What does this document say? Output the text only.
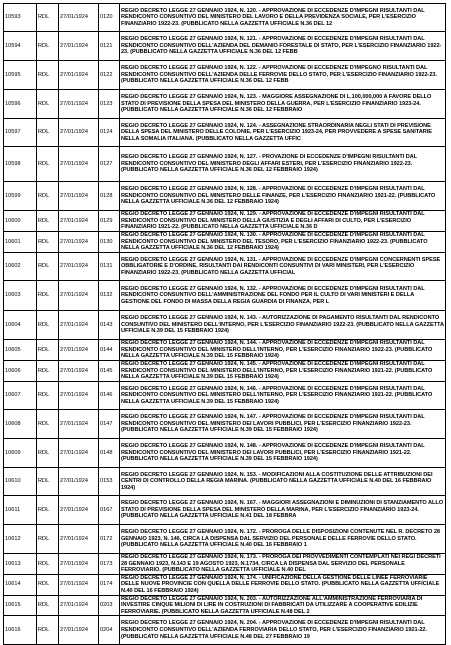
10593	RDL	27/01/1924	0120	REGIO DECRETO LEGGE 27 GENNAIO 1924, N. 120. - APPROVAZIONE DI ECCEDENZE D'IMPEGNI RISULTANTI DAL RENDICONTO CONSUNTIVO DEL MINISTERO DEL LAVORO E DELLA PREVIDENZA SOCIALE, PER L'ESERCIZIO FINANZIARIO 1922-23. (PUBBLICATO NELLA GAZZETTA UFFICIALE N.36 DEL 12
10594	RDL	27/01/1924	0121	REGIO DECRETO LEGGE 27 GENNAIO 1924, N. 121. - APPROVAZIONE DI ECCEDENZE D'IMPEGNI RISULTANTI DAL RENDICONTO CONSUNTIVO DELL'AZIENDA DEL DEMANIO FORESTALE DI STATO, PER L'ESERCIZIO FINANZIARIO 1922-23. (PUBBLICATO NELLA GAZZETTA UFFICIALE N.36 DEL 12 FEBB
10595	RDL	27/01/1924	0122	REGIO DECRETO LEGGE 27 GENNAIO 1924, N. 122. - APPROVAZIONE DI ECCEDENZE D'IMPEGNO RISULTANTI DAL RENDICONTO CONSUNTIVO DELL'AZIENDA DELLE FERROVIE DELLO STATO, PER L'ESERCIZIO FINANZIARIO 1922-23. (PUBBLICATO NELLA GAZZETTA UFFICIALE N.36 DEL 12 FEBB
10596	RDL	27/01/1924	0123	REGIO DECRETO LEGGE 27 GENNAIO 1924, N. 123. - MAGGIORE ASSEGNAZIONE DI L.100,000,000 A FAVORE DELLO STATO DI PREVISIONE DELLA SPESA DEL MINISTERO DELLA GUERRA, PER L'ESERCIZIO FINANZIARIO 1923-24. (PUBBLICATO NELLA GAZZETTA UFFICIALE N.36 DEL 12 FEBBRAIO
10597	RDL	27/01/1924	0124	REGIO DECRETO LEGGE 27 GENNAIO 1924, N. 124. - ASSEGNAZIONE STRAORDINARIA NEGLI STATI DI PREVISIONE DELLA SPESA DEL MINISTERO DELLE COLONIE, PER L'ESERCIZIO 1923-24, PER PROVVEDERE A SPESE SANITARIE NELLA SOMALIA ITALIANA. (PUBBLICATO NELLA GAZZETTA UFFIC
10598	RDL	27/01/1924	0127	REGIO DECRETO LEGGE 27 GENNAIO 1924, N. 127. - PROVAZIONE DI ECCEDENZE D'IMPEGNI RISULTANTI DAL RENDICONTO CONSUNTIVO DEL MINISTERO DEGLI AFFARI ESTERI, PER L'ESERCIZIO FINANZIARIO 1922-23. (PUBBLICATO NELLA GAZZETTA UFFICIALE N.36 DEL 12 FEBBRAIO 1924)
10599	RDL	27/01/1924	0128	REGIO DECRETO LEGGE 27 GENNAIO 1924, N. 128. - APPROVAZIONE DI ECCEDENZE D'IMPEGNI RISULTANTI DAL RENDICONTO CONSUNTIVO DEL MINISTERO DELLE FINANZE, PER L'ESERCIZIO FINANZIARIO 1921-22. (PUBBLICATO NELLA GAZZETTA UFFICIALE N.36 DEL 12 FEBBRAIO 1924)
10600	RDL	27/01/1924	0129	REGIO DECRETO LEGGE 27 GENNAIO 1924, N. 129. - APPROVAZIONE DI ECCEDENZE D'IMPEGNI RISULTANTI DAL RENDICONTO CONSUNTIVO DEL MINISTERO DELLA GIUSTIZIA E DEGLI AFFARI DI CULTO, PER L'ESERCIZIO FINANZIARIO 1921-22. (PUBBLICATO NELLA GAZZETTA UFFICIALE N.36 D
10601	RDL	27/01/1924	0130	REGIO DECRETO LEGGE 27 GENNAIO 1924, N. 130. - APPROVAZIONE DI ECCEDENZE D'IMPEGNI RISULTANTI DAL RENDICONTO CONSUNTIVO DEL MINISTERO DEL TESORO, PER L'ESERCIZIO FINANZIARIO 1922-23. (PUBBLICATO NELLA GAZZETTA UFFICIALE N.36 DEL 12 FEBBRAIO 1924)
10602	RDL	27/01/1924	0131	REGIO DECRETO LEGGE 27 GENNAIO 1924, N. 131. - APPROVAZIONE DI ECCEDENZE D'IMPEGNI CONCERNENTI SPESE OBBLIGATORIE E D'ORDINE, RISULTANTI DAI RENDICONTI CONSUNTIVI DI VARI MINISTERI, PER L'ESERCIZIO FINANZIARIO 1922-23. (PUBBLICATO NELLA GAZZETTA UFFICIAL
10603	RDL	27/01/1924	0132	REGIO DECRETO LEGGE 27 GENNAIO 1924, N. 132. - APPROVAZIONE DI ECCEDENZE D'IMPEGNI RISULTANTI DAL RENDICONTO CONSUNTIVO DELL'AMMINISTRAZIONE DEL FONDO PER IL CULTO DI VARI MINISTERI E DELLA GESTIONE DEL FONDO DI MASSA DELLA REGIA GUARDIA DI FINANZA, PER L
10604	RDL	27/01/1924	0143	REGIO DECRETO LEGGE 27 GENNAIO 1924, N. 143. - AUTORIZZAZIONE DI PAGAMENTO RISULTANTI DAL RENDICONTO CONSUNTIVO DEL MINISTERO DELL'INTERNO, PER L'ESERCIZIO FINANZIARIO 1922-23. (PUBBLICATO NELLA GAZZETTA UFFICIALE N.39 DEL 15 FEBBRAIO 1924)
10605	RDL	27/01/1924	0144	REGIO DECRETO LEGGE 27 GENNAIO 1924, N. 144. - APPROVAZIONE DI ECCEDENZE D'IMPEGNI RISULTANTI DAL RENDICONTO CONSUNTIVO DEL MINISTERO DELL'INTERNO, PER L'ESERCIZIO FINANZIARIO 1922-23. (PUBBLICATO NELLA GAZZETTA UFFICIALE N.39 DEL 15 FEBBRAIO 1924)
10606	RDL	27/01/1924	0145	REGIO DECRETO LEGGE 27 GENNAIO 1924, N. 145. - APPROVAZIONE DI ECCEDENZE D'IMPEGNI RISULTANTI DAL RENDICONTO CONSUNTIVO DEL MINISTERO DELL'INTERNO, PER L'ESERCIZIO FINANZIARIO 1921-22. (PUBBLICATO NELLA GAZZETTA UFFICIALE N.39 DEL 15 FEBBRAIO 1924)
10607	RDL	27/01/1924	0146	REGIO DECRETO LEGGE 27 GENNAIO 1924, N. 146. - APPROVAZIONE DI ECCEDENZE D'IMPEGNI RISULTANTI DAL RENDICONTO CONSUNTIVO DEL MINISTERO DELL'INTERNO, PER L'ESERCIZIO FINANZIARIO 1921-22. (PUBBLICATO NELLA GAZZETTA UFFICIALE N.39 DEL 15 FEBBRAIO 1924)
10608	RDL	27/01/1924	0147	REGIO DECRETO LEGGE 27 GENNAIO 1924, N. 147. - APPROVAZIONE DI ECCEDENZE D'IMPEGNI RISULTANTI DAL RENDICONTO CONSUNTIVO DEL MINISTERO DEI LAVORI PUBBLICI, PER L'ESERCIZIO FINANZIARIO 1922-23. (PUBBLICATO NELLA GAZZETTA UFFICIALE N.39 DEL 15 FEBBRAIO 1924)
10609	RDL	27/01/1924	0148	REGIO DECRETO LEGGE 27 GENNAIO 1924, N. 148. - APPROVAZIONE DI ECCEDENZE D'IMPEGNI RISULTANTI DAL RENDICONTO CONSUNTIVO DEL MINISTERO DEI LAVORI PUBBLICI, PER L'ESERCIZIO FINANZIARIO 1921-22. (PUBBLICATO NELLA GAZZETTA UFFICIALE N.39 DEL 15 FEBBRAIO 1924)
10610	RDL	27/01/1924	0153	REGIO DECRETO LEGGE 27 GENNAIO 1924, N. 153. - MODIFICAZIONI ALLA COSTITUZIONE DELLE ATTRIBUZIONI DEI CENTRI DI CONTROLLO DELLA REGIA MARINA. (PUBBLICATO NELLA GAZZETTA UFFICIALE N.40 DEL 16 FEBBRAIO 1924)
10611	RDL	27/01/1924	0167	REGIO DECRETO LEGGE 27 GENNAIO 1924, N. 167. - MAGGIORI ASSEGNAZIONI E DIMINUZIONI DI STANZIAMENTO ALLO STATO DI PREVISIONE DELLA SPESA DEL MINISTERO DELLA MARINA, PER L'ESERCIZIO FINANZIARIO 1923-24. (PUBBLICATO NELLA GAZZETTA UFFICIALE N.41 DEL 18 FEBBRA
10612	RDL	27/01/1924	0172	REGIO DECRETO LEGGE 27 GENNAIO 1924, N. 172. - PROROGA DELLE DISPOSIZIONI CONTENUTE NEL R. DECRETO 28 GENNAIO 1923, N. 146, CIRCA LA DISPENSA DAL SERVIZIO DEL PERSONALE DELLE FERROVIE DELLO STATO. (PUBBLICATO NELLA GAZZETTA UFFICIALE N.40 DEL 16 FEBBRAIO 1
10613	RDL	27/01/1924	0173	REGIO DECRETO LEGGE 27 GENNAIO 1924, N. 173. - PROROGA DEI PROVVEDIMENTI CONTEMPLATI NEI REGI DECRETI 28 GENNAIO 1923, N.143 E 19 AGOSTO 1923, N.1734, CIRCA LA DISPENSA DAL SERVIZIO DEL PERSONALE FERROVIARIO. (PUBBLICATO NELLA GAZZETTA UFFICIALE N.40 DEL
10614	RDL	27/01/1924	0174	REGIO DECRETO LEGGE 27 GENNAIO 1924, N. 174. - UNIFICAZIONE DELLA GESTIONE DELLE LINEE FERROVIARIE DELLE NUOVE PROVINCIE CON QUELLA DELLE FERROVIE DELLO STATO. (PUBBLICATO NELLA GAZZETTA UFFICIALE N.40 DEL 16 FEBBRAIO 1924)
10615	RDL	27/01/1924	0203	REGIO DECRETO LEGGE 27 GENNAIO 1924, N. 203. - AUTORIZZAZIONE ALL'AMMINISTRAZIONE FERROVIARIA DI INVESTIRE CINQUE MILIONI DI LIRE IN COSTRUZIONI DI FABBRICATI DA UTILIZZARE A COOPERATIVE EDILIZIE FERROVIARIE. (PUBBLICATO NELLA GAZZETTA UFFICIALE N.48 DEL 2
10616	RDL	27/01/1924	0204	REGIO DECRETO LEGGE 27 GENNAIO 1924, N. 204. - APPROVAZIONE DI ECCEDENZE D'IMPEGNI RISULTANTI DAL RENDICONTO CONSUNTIVO DELL'AZIENDA FERROVIARIA DELLO STATO, PER L'ESERCIZIO FINANZIARIO 1921-22. (PUBBLICATO NELLA GAZZETTA UFFICIALE N.48 DEL 27 FEBBRAIO 19
